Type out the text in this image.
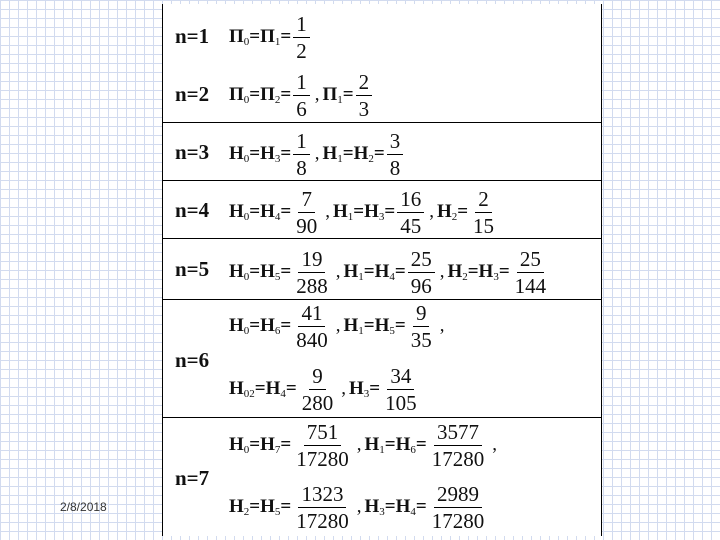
n=1 $П_0= П_1= \frac{1}{2}$
n=2 $П_0= П_2= \frac{1}{6}$ , $П_1= \frac{2}{3}$
n=3 $Н_0= Н_3= \frac{1}{8}$ , $Н_1= Н_2= \frac{3}{8}$
n=4 $Н_0= Н_4= \frac{7}{90}$ , $Н_1= Н_3= \frac{16}{45}$ , $Н_2= \frac{2}{15}$
n=5 $Н_0= Н_5= \frac{19}{288}$ , $Н_1= Н_4= \frac{25}{96}$ , $Н_2= Н_3= \frac{25}{144}$
n=6
$Н_0= Н_6= \frac{41}{840}$ , $Н_1= Н_5= \frac{9}{35}$ ,
$Н_{02}= Н_4= \frac{9}{280}$ , $Н_3= \frac{34}{105}$
n=7
$Н_0= Н_7= \frac{751}{17280}$ , $Н_1= Н_6= \frac{3577}{17280}$ ,
$Н_2= Н_5= \frac{1323}{17280}$ , $Н_3= Н_4= \frac{2989}{17280}$
2/8/2018
